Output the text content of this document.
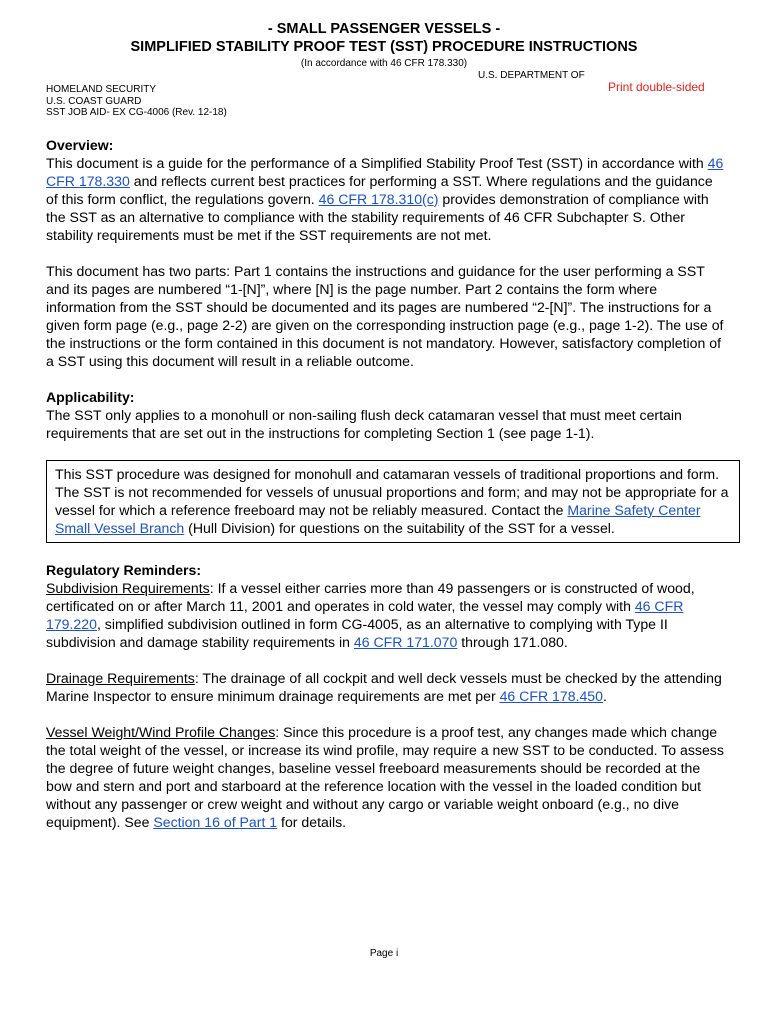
- SMALL PASSENGER VESSELS -
SIMPLIFIED STABILITY PROOF TEST (SST) PROCEDURE INSTRUCTIONS
(In accordance with 46 CFR 178.330)
U.S. DEPARTMENT OF
Print double-sided
HOMELAND SECURITY
U.S. COAST GUARD
SST JOB AID- EX CG-4006 (Rev. 12-18)

Overview:

This document is a guide for the performance of a Simplified Stability Proof Test (SST) in accordance with 46 CFR 178.330 and reflects current best practices for performing a SST. Where regulations and the guidance of this form conflict, the regulations govern. 46 CFR 178.310(c) provides demonstration of compliance with the SST as an alternative to compliance with the stability requirements of 46 CFR Subchapter S. Other stability requirements must be met if the SST requirements are not met.

This document has two parts: Part 1 contains the instructions and guidance for the user performing a SST and its pages are numbered “1-[N]”, where [N] is the page number. Part 2 contains the form where information from the SST should be documented and its pages are numbered “2-[N]”. The instructions for a given form page (e.g., page 2-2) are given on the corresponding instruction page (e.g., page 1-2). The use of the instructions or the form contained in this document is not mandatory. However, satisfactory completion of a SST using this document will result in a reliable outcome.

Applicability:

The SST only applies to a monohull or non-sailing flush deck catamaran vessel that must meet certain requirements that are set out in the instructions for completing Section 1 (see page 1-1).

This SST procedure was designed for monohull and catamaran vessels of traditional proportions and form. The SST is not recommended for vessels of unusual proportions and form; and may not be appropriate for a vessel for which a reference freeboard may not be reliably measured. Contact the Marine Safety Center Small Vessel Branch (Hull Division) for questions on the suitability of the SST for a vessel.

Regulatory Reminders:

Subdivision Requirements: If a vessel either carries more than 49 passengers or is constructed of wood, certificated on or after March 11, 2001 and operates in cold water, the vessel may comply with 46 CFR 179.220, simplified subdivision outlined in form CG-4005, as an alternative to complying with Type II subdivision and damage stability requirements in 46 CFR 171.070 through 171.080.

Drainage Requirements: The drainage of all cockpit and well deck vessels must be checked by the attending Marine Inspector to ensure minimum drainage requirements are met per 46 CFR 178.450.

Vessel Weight/Wind Profile Changes: Since this procedure is a proof test, any changes made which change the total weight of the vessel, or increase its wind profile, may require a new SST to be conducted. To assess the degree of future weight changes, baseline vessel freeboard measurements should be recorded at the bow and stern and port and starboard at the reference location with the vessel in the loaded condition but without any passenger or crew weight and without any cargo or variable weight onboard (e.g., no dive equipment). See Section 16 of Part 1 for details.

Page i
